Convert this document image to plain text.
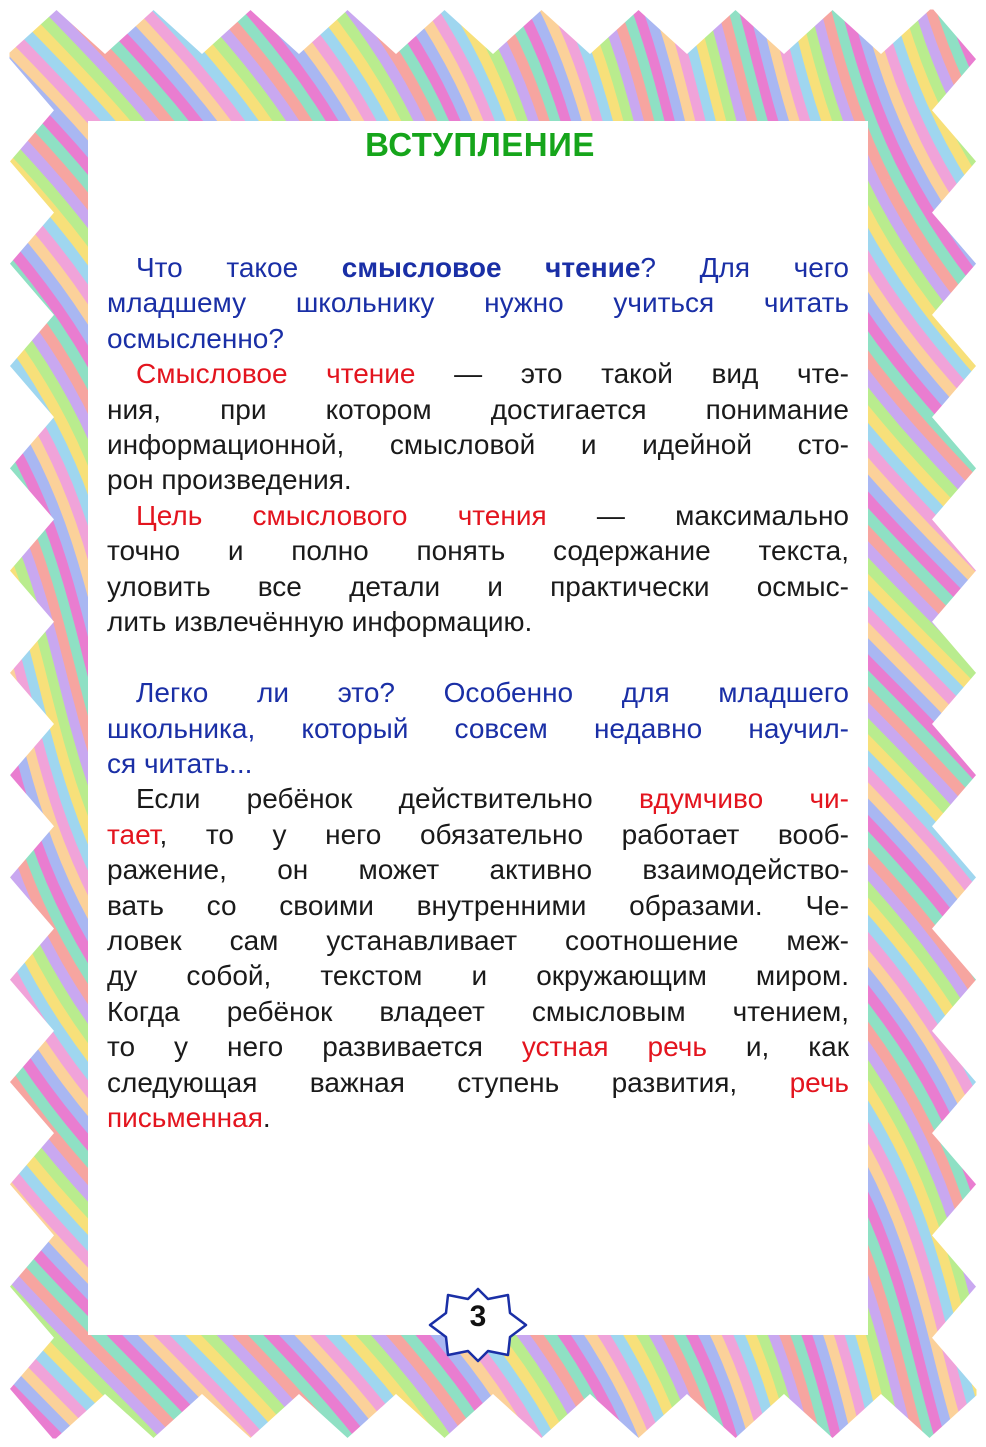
ВСТУПЛЕНИЕ
Что такое смысловое чтение? Для чего
младшему школьнику нужно учиться читать
осмысленно?
Смысловое чтение — это такой вид чте-
ния, при котором достигается понимание
информационной, смысловой и идейной сто-
рон произведения.
Цель смыслового чтения — максимально
точно и полно понять содержание текста,
уловить все детали и практически осмыс-
лить извлечённую информацию.
Легко ли это? Особенно для младшего
школьника, который совсем недавно научил-
ся читать...
Если ребёнок действительно вдумчиво чи-
тает, то у него обязательно работает вооб-
ражение, он может активно взаимодейство-
вать со своими внутренними образами. Че-
ловек сам устанавливает соотношение меж-
ду собой, текстом и окружающим миром.
Когда ребёнок владеет смысловым чтением,
то у него развивается устная речь и, как
следующая важная ступень развития, речь
письменная.
3
